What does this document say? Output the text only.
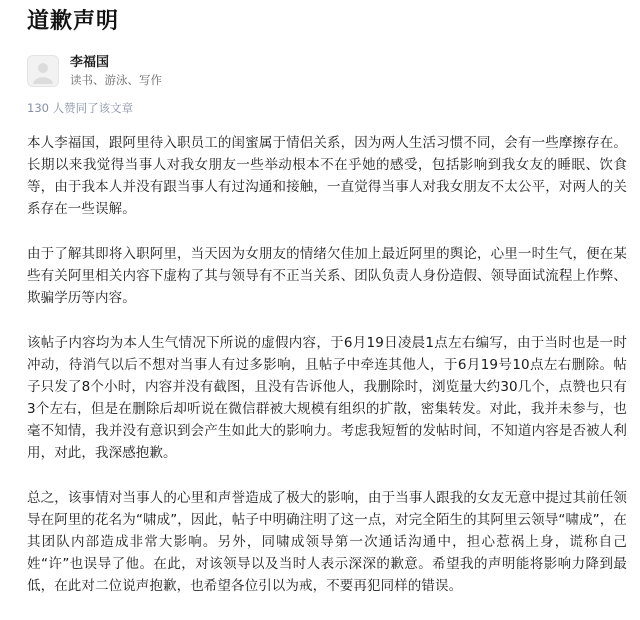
道歉声明
李福国
读书、游泳、写作
130 人赞同了该文章

本人李福国，跟阿里待入职员工的闺蜜属于情侣关系，因为两人生活习惯不同，会有一些摩擦存在。长期以来我觉得当事人对我女朋友一些举动根本不在乎她的感受，包括影响到我女友的睡眠、饮食等，由于我本人并没有跟当事人有过沟通和接触，一直觉得当事人对我女朋友不太公平，对两人的关系存在一些误解。

由于了解其即将入职阿里，当天因为女朋友的情绪欠佳加上最近阿里的舆论，心里一时生气，便在某些有关阿里相关内容下虚构了其与领导有不正当关系、团队负责人身份造假、领导面试流程上作弊、欺骗学历等内容。

该帖子内容均为本人生气情况下所说的虚假内容，于6月19日凌晨1点左右编写，由于当时也是一时冲动，待消气以后不想对当事人有过多影响，且帖子中牵连其他人，于6月19号10点左右删除。帖子只发了8个小时，内容并没有截图，且没有告诉他人，我删除时，浏览量大约30几个，点赞也只有3个左右，但是在删除后却听说在微信群被大规模有组织的扩散，密集转发。对此，我并未参与，也毫不知情，我并没有意识到会产生如此大的影响力。考虑我短暂的发帖时间，不知道内容是否被人利用，对此，我深感抱歉。

总之，该事情对当事人的心里和声誉造成了极大的影响，由于当事人跟我的女友无意中提过其前任领导在阿里的花名为“啸成”，因此，帖子中明确注明了这一点，对完全陌生的其阿里云领导“啸成”，在其团队内部造成非常大影响。另外，同啸成领导第一次通话沟通中，担心惹祸上身，谎称自己姓“许”也误导了他。在此，对该领导以及当时人表示深深的歉意。希望我的声明能将影响力降到最低，在此对二位说声抱歉，也希望各位引以为戒，不要再犯同样的错误。
